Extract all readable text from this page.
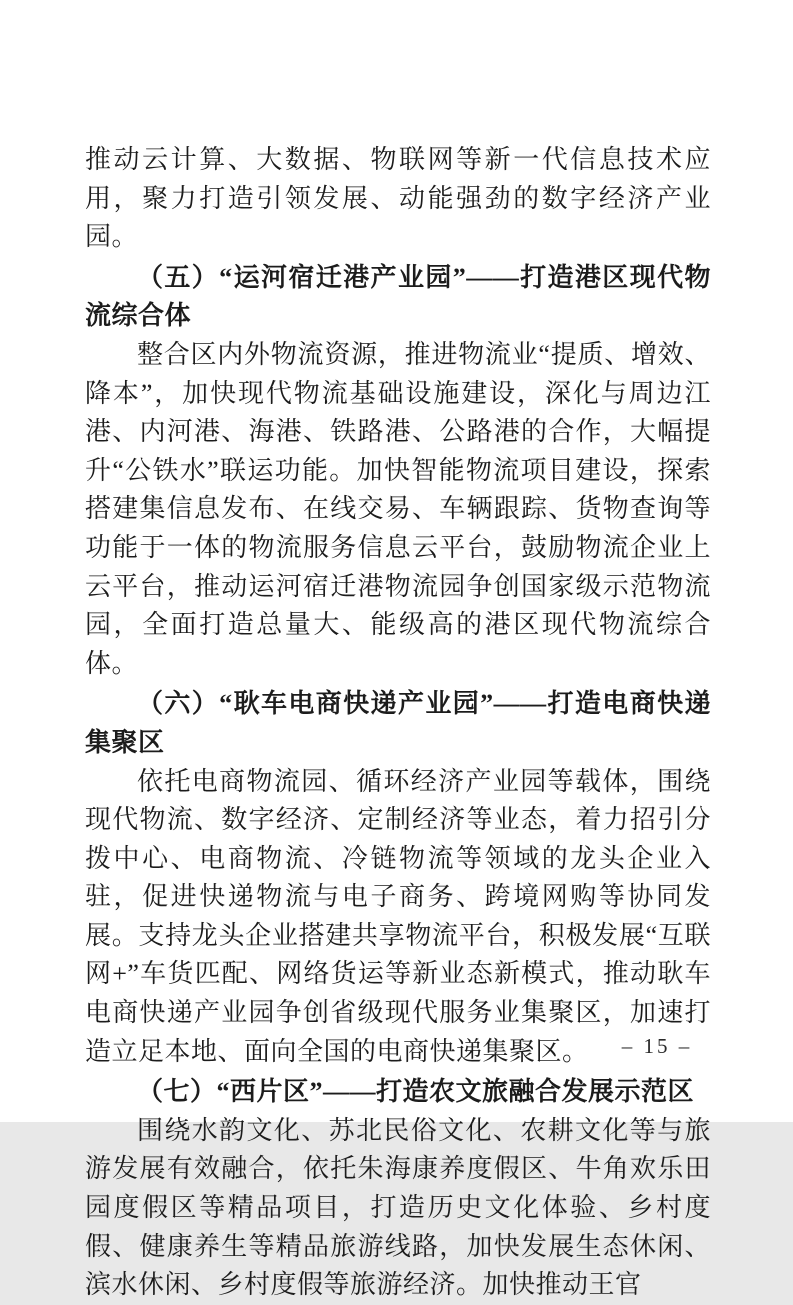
推动云计算、大数据、物联网等新一代信息技术应用，聚力打造引领发展、动能强劲的数字经济产业园。

（五）“运河宿迁港产业园”——打造港区现代物流综合体

整合区内外物流资源，推进物流业“提质、增效、降本”，加快现代物流基础设施建设，深化与周边江港、内河港、海港、铁路港、公路港的合作，大幅提升“公铁水”联运功能。加快智能物流项目建设，探索搭建集信息发布、在线交易、车辆跟踪、货物查询等功能于一体的物流服务信息云平台，鼓励物流企业上云平台，推动运河宿迁港物流园争创国家级示范物流园，全面打造总量大、能级高的港区现代物流综合体。

（六）“耿车电商快递产业园”——打造电商快递集聚区

依托电商物流园、循环经济产业园等载体，围绕现代物流、数字经济、定制经济等业态，着力招引分拨中心、电商物流、冷链物流等领域的龙头企业入驻，促进快递物流与电子商务、跨境网购等协同发展。支持龙头企业搭建共享物流平台，积极发展“互联网+”车货匹配、网络货运等新业态新模式，推动耿车电商快递产业园争创省级现代服务业集聚区，加速打造立足本地、面向全国的电商快递集聚区。

（七）“西片区”——打造农文旅融合发展示范区

围绕水韵文化、苏北民俗文化、农耕文化等与旅游发展有效融合，依托朱海康养度假区、牛角欢乐田园度假区等精品项目，打造历史文化体验、乡村度假、健康养生等精品旅游线路，加快发展生态休闲、滨水休闲、乡村度假等旅游经济。加快推动王官

– 15 –
